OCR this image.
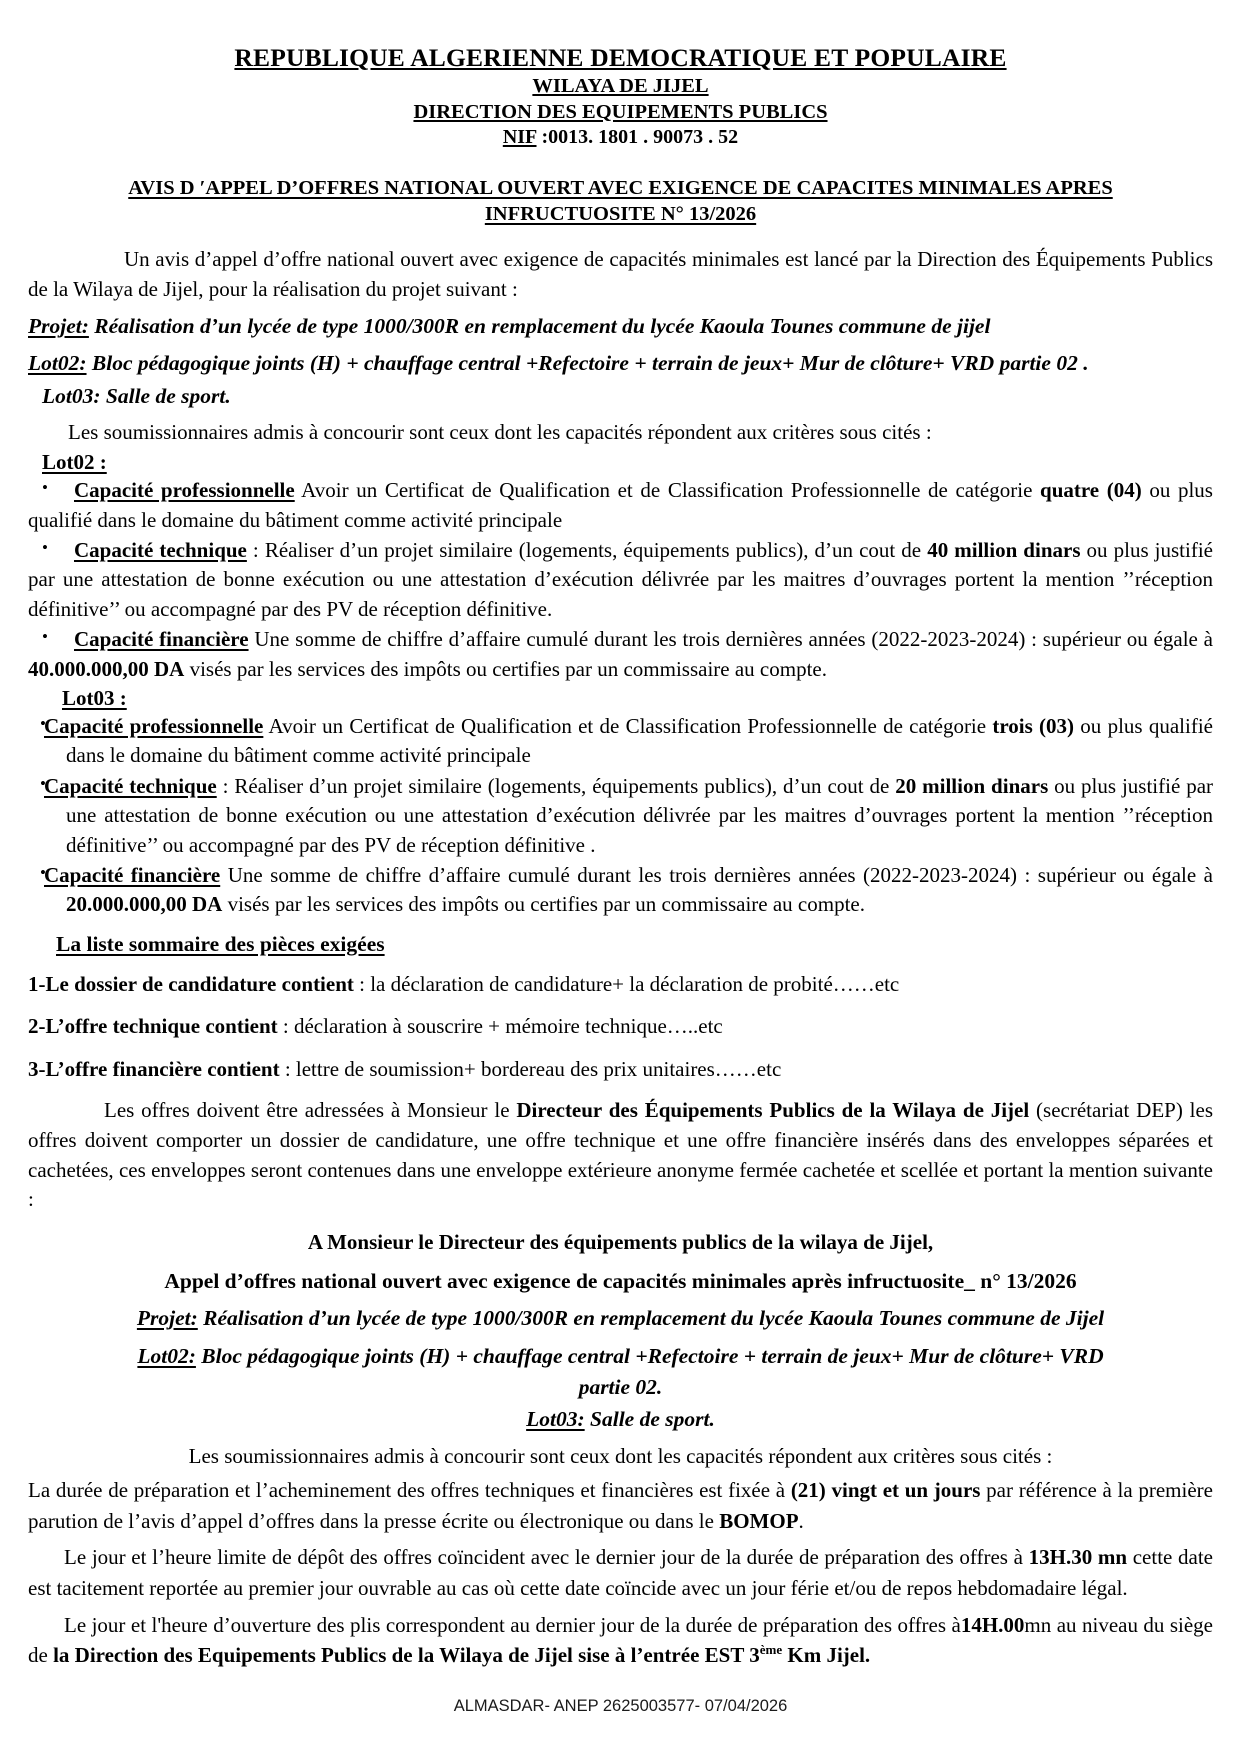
REPUBLIQUE ALGERIENNE DEMOCRATIQUE ET POPULAIRE
WILAYA DE JIJEL
DIRECTION DES EQUIPEMENTS PUBLICS
NIF :0013. 1801 . 90073 . 52
AVIS D ′APPEL D’OFFRES NATIONAL OUVERT AVEC EXIGENCE DE CAPACITES MINIMALES APRES
INFRUCTUOSITE N° 13/2026
Un avis d’appel d’offre national ouvert avec exigence de capacités minimales est lancé par la Direction des Équipements Publics de la Wilaya de Jijel, pour la réalisation du projet suivant :
Projet: Réalisation d’un lycée de type 1000/300R en remplacement du lycée Kaoula Tounes commune de jijel
Lot02: Bloc pédagogique joints (H) + chauffage central +Refectoire + terrain de jeux+ Mur de clôture+ VRD partie 02 .
Lot03: Salle de sport.
Les soumissionnaires admis à concourir sont ceux dont les capacités répondent aux critères sous cités :
Lot02 :
• Capacité professionnelle Avoir un Certificat de Qualification et de Classification Professionnelle de catégorie quatre (04) ou plus qualifié dans le domaine du bâtiment comme activité principale
• Capacité technique : Réaliser d’un projet similaire (logements, équipements publics), d’un cout de 40 million dinars ou plus justifié par une attestation de bonne exécution ou une attestation d’exécution délivrée par les maitres d’ouvrages portent la mention ’’réception définitive’’ ou accompagné par des PV de réception définitive.
• Capacité financière Une somme de chiffre d’affaire cumulé durant les trois dernières années (2022-2023-2024) : supérieur ou égale à 40.000.000,00 DA visés par les services des impôts ou certifies par un commissaire au compte.
Lot03 :
• Capacité professionnelle Avoir un Certificat de Qualification et de Classification Professionnelle de catégorie trois (03) ou plus qualifié dans le domaine du bâtiment comme activité principale
• Capacité technique : Réaliser d’un projet similaire (logements, équipements publics), d’un cout de 20 million dinars ou plus justifié par une attestation de bonne exécution ou une attestation d’exécution délivrée par les maitres d’ouvrages portent la mention ’’réception définitive’’ ou accompagné par des PV de réception définitive .
• Capacité financière Une somme de chiffre d’affaire cumulé durant les trois dernières années (2022-2023-2024) : supérieur ou égale à 20.000.000,00 DA visés par les services des impôts ou certifies par un commissaire au compte.
La liste sommaire des pièces exigées
1-Le dossier de candidature contient : la déclaration de candidature+ la déclaration de probité……etc
2-L’offre technique contient : déclaration à souscrire + mémoire technique…..etc
3-L’offre financière contient : lettre de soumission+ bordereau des prix unitaires……etc
Les offres doivent être adressées à Monsieur le Directeur des Équipements Publics de la Wilaya de Jijel (secrétariat DEP) les offres doivent comporter un dossier de candidature, une offre technique et une offre financière insérés dans des enveloppes séparées et cachetées, ces enveloppes seront contenues dans une enveloppe extérieure anonyme fermée cachetée et scellée et portant la mention suivante :
A Monsieur le Directeur des équipements publics de la wilaya de Jijel,
Appel d’offres national ouvert avec exigence de capacités minimales après infructuosite_ n° 13/2026
Projet: Réalisation d’un lycée de type 1000/300R en remplacement du lycée Kaoula Tounes commune de Jijel
Lot02: Bloc pédagogique joints (H) + chauffage central +Refectoire + terrain de jeux+ Mur de clôture+ VRD
partie 02.
Lot03: Salle de sport.
Les soumissionnaires admis à concourir sont ceux dont les capacités répondent aux critères sous cités :
La durée de préparation et l’acheminement des offres techniques et financières est fixée à (21) vingt et un jours par référence à la première parution de l’avis d’appel d’offres dans la presse écrite ou électronique ou dans le BOMOP.
Le jour et l’heure limite de dépôt des offres coïncident avec le dernier jour de la durée de préparation des offres à 13H.30 mn cette date est tacitement reportée au premier jour ouvrable au cas où cette date coïncide avec un jour férie et/ou de repos hebdomadaire légal.
Le jour et l'heure d’ouverture des plis correspondent au dernier jour de la durée de préparation des offres à14H.00mn au niveau du siège de la Direction des Equipements Publics de la Wilaya de Jijel sise à l’entrée EST 3ème Km Jijel.
ALMASDAR- ANEP 2625003577- 07/04/2026
